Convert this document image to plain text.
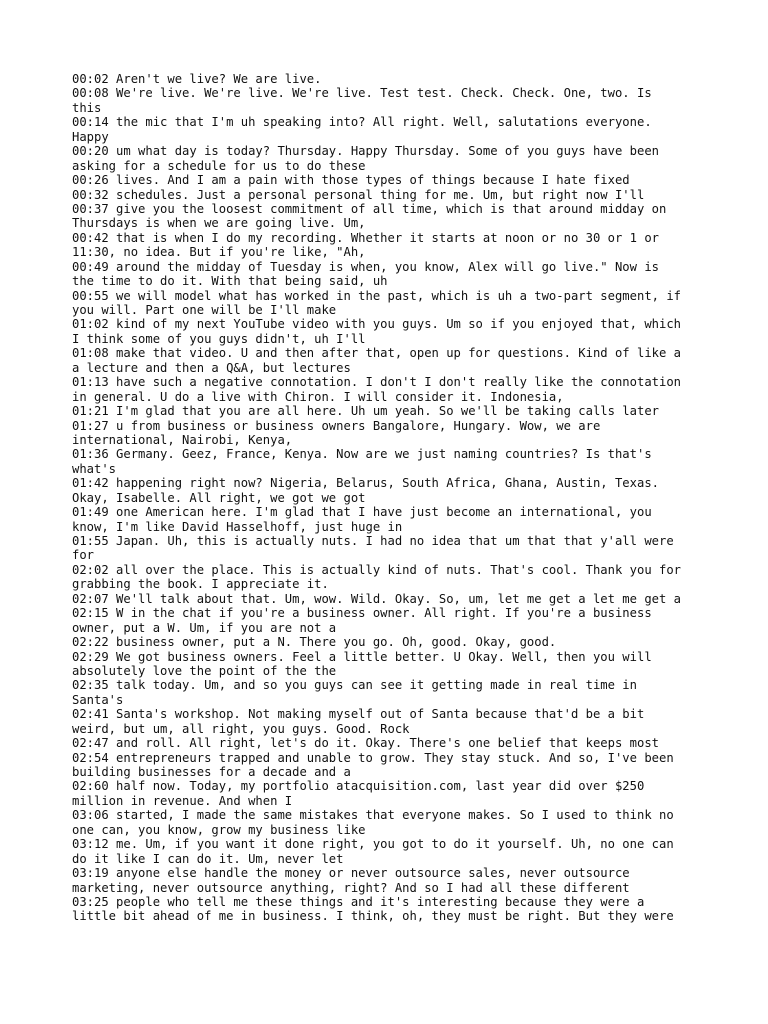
00:02 Aren't we live? We are live.
00:08 We're live. We're live. We're live. Test test. Check. Check. One, two. Is
this
00:14 the mic that I'm uh speaking into? All right. Well, salutations everyone.
Happy
00:20 um what day is today? Thursday. Happy Thursday. Some of you guys have been
asking for a schedule for us to do these
00:26 lives. And I am a pain with those types of things because I hate fixed
00:32 schedules. Just a personal personal thing for me. Um, but right now I'll
00:37 give you the loosest commitment of all time, which is that around midday on
Thursdays is when we are going live. Um,
00:42 that is when I do my recording. Whether it starts at noon or no 30 or 1 or
11:30, no idea. But if you're like, "Ah,
00:49 around the midday of Tuesday is when, you know, Alex will go live." Now is
the time to do it. With that being said, uh
00:55 we will model what has worked in the past, which is uh a two-part segment, if
you will. Part one will be I'll make
01:02 kind of my next YouTube video with you guys. Um so if you enjoyed that, which
I think some of you guys didn't, uh I'll
01:08 make that video. U and then after that, open up for questions. Kind of like a
a lecture and then a Q&A, but lectures
01:13 have such a negative connotation. I don't I don't really like the connotation
in general. U do a live with Chiron. I will consider it. Indonesia,
01:21 I'm glad that you are all here. Uh um yeah. So we'll be taking calls later
01:27 u from business or business owners Bangalore, Hungary. Wow, we are
international, Nairobi, Kenya,
01:36 Germany. Geez, France, Kenya. Now are we just naming countries? Is that's
what's
01:42 happening right now? Nigeria, Belarus, South Africa, Ghana, Austin, Texas.
Okay, Isabelle. All right, we got we got
01:49 one American here. I'm glad that I have just become an international, you
know, I'm like David Hasselhoff, just huge in
01:55 Japan. Uh, this is actually nuts. I had no idea that um that that y'all were
for
02:02 all over the place. This is actually kind of nuts. That's cool. Thank you for
grabbing the book. I appreciate it.
02:07 We'll talk about that. Um, wow. Wild. Okay. So, um, let me get a let me get a
02:15 W in the chat if you're a business owner. All right. If you're a business
owner, put a W. Um, if you are not a
02:22 business owner, put a N. There you go. Oh, good. Okay, good.
02:29 We got business owners. Feel a little better. U Okay. Well, then you will
absolutely love the point of the the
02:35 talk today. Um, and so you guys can see it getting made in real time in
Santa's
02:41 Santa's workshop. Not making myself out of Santa because that'd be a bit
weird, but um, all right, you guys. Good. Rock
02:47 and roll. All right, let's do it. Okay. There's one belief that keeps most
02:54 entrepreneurs trapped and unable to grow. They stay stuck. And so, I've been
building businesses for a decade and a
02:60 half now. Today, my portfolio atacquisition.com, last year did over $250
million in revenue. And when I
03:06 started, I made the same mistakes that everyone makes. So I used to think no
one can, you know, grow my business like
03:12 me. Um, if you want it done right, you got to do it yourself. Uh, no one can
do it like I can do it. Um, never let
03:19 anyone else handle the money or never outsource sales, never outsource
marketing, never outsource anything, right? And so I had all these different
03:25 people who tell me these things and it's interesting because they were a
little bit ahead of me in business. I think, oh, they must be right. But they were
